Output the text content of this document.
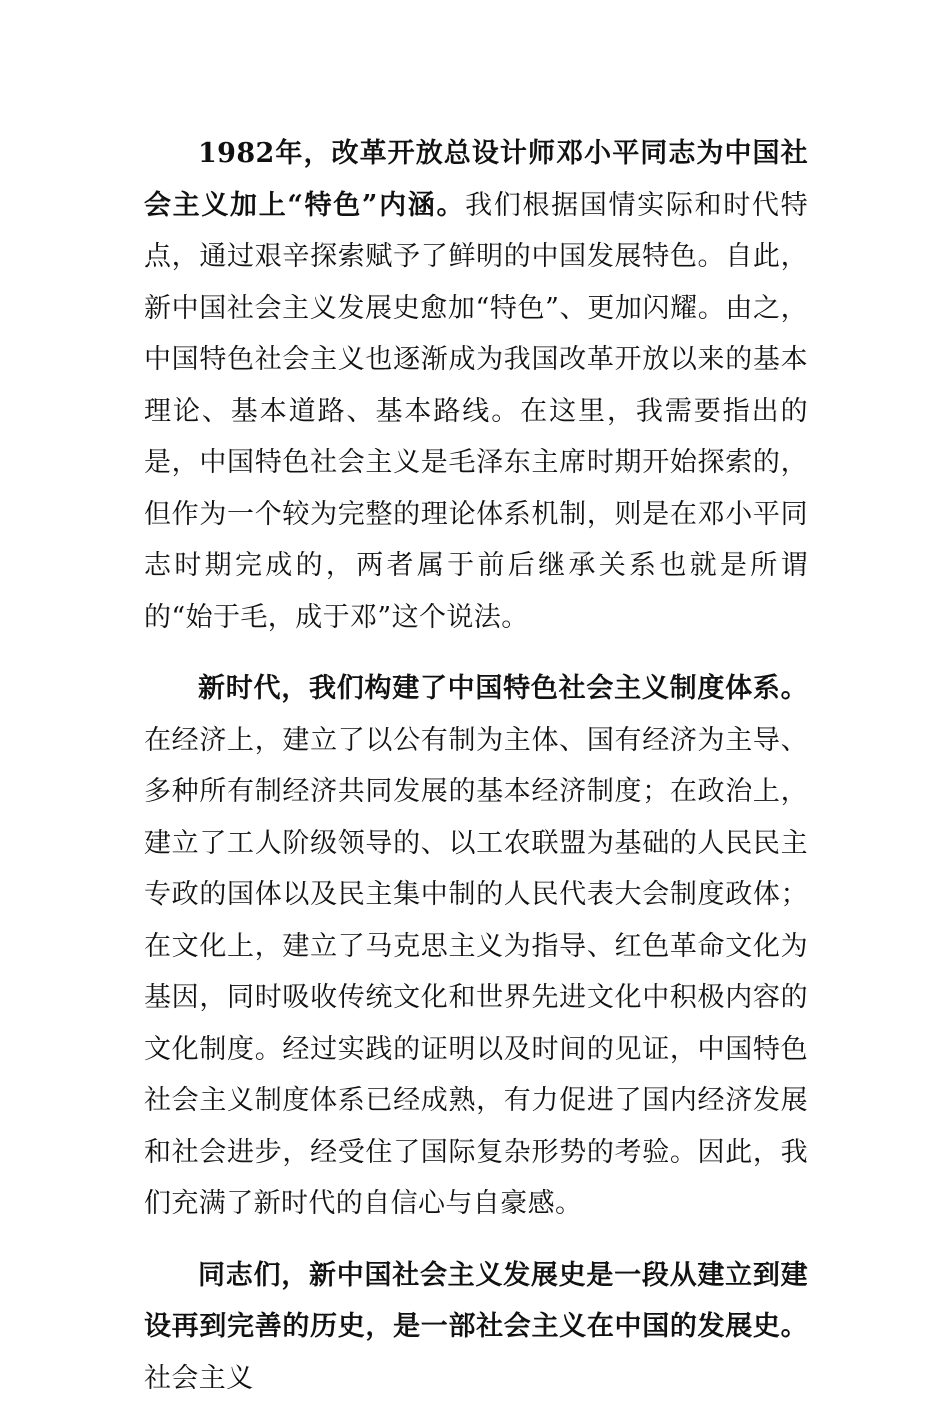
1982年，改革开放总设计师邓小平同志为中国社会主义加上“特色”内涵。我们根据国情实际和时代特点，通过艰辛探索赋予了鲜明的中国发展特色。自此，新中国社会主义发展史愈加“特色”、更加闪耀。由之，中国特色社会主义也逐渐成为我国改革开放以来的基本理论、基本道路、基本路线。在这里，我需要指出的是，中国特色社会主义是毛泽东主席时期开始探索的，但作为一个较为完整的理论体系机制，则是在邓小平同志时期完成的，两者属于前后继承关系也就是所谓的“始于毛，成于邓”这个说法。

新时代，我们构建了中国特色社会主义制度体系。在经济上，建立了以公有制为主体、国有经济为主导、多种所有制经济共同发展的基本经济制度；在政治上，建立了工人阶级领导的、以工农联盟为基础的人民民主专政的国体以及民主集中制的人民代表大会制度政体；在文化上，建立了马克思主义为指导、红色革命文化为基因，同时吸收传统文化和世界先进文化中积极内容的文化制度。经过实践的证明以及时间的见证，中国特色社会主义制度体系已经成熟，有力促进了国内经济发展和社会进步，经受住了国际复杂形势的考验。因此，我们充满了新时代的自信心与自豪感。

同志们，新中国社会主义发展史是一段从建立到建设再到完善的历史，是一部社会主义在中国的发展史。社会主义
